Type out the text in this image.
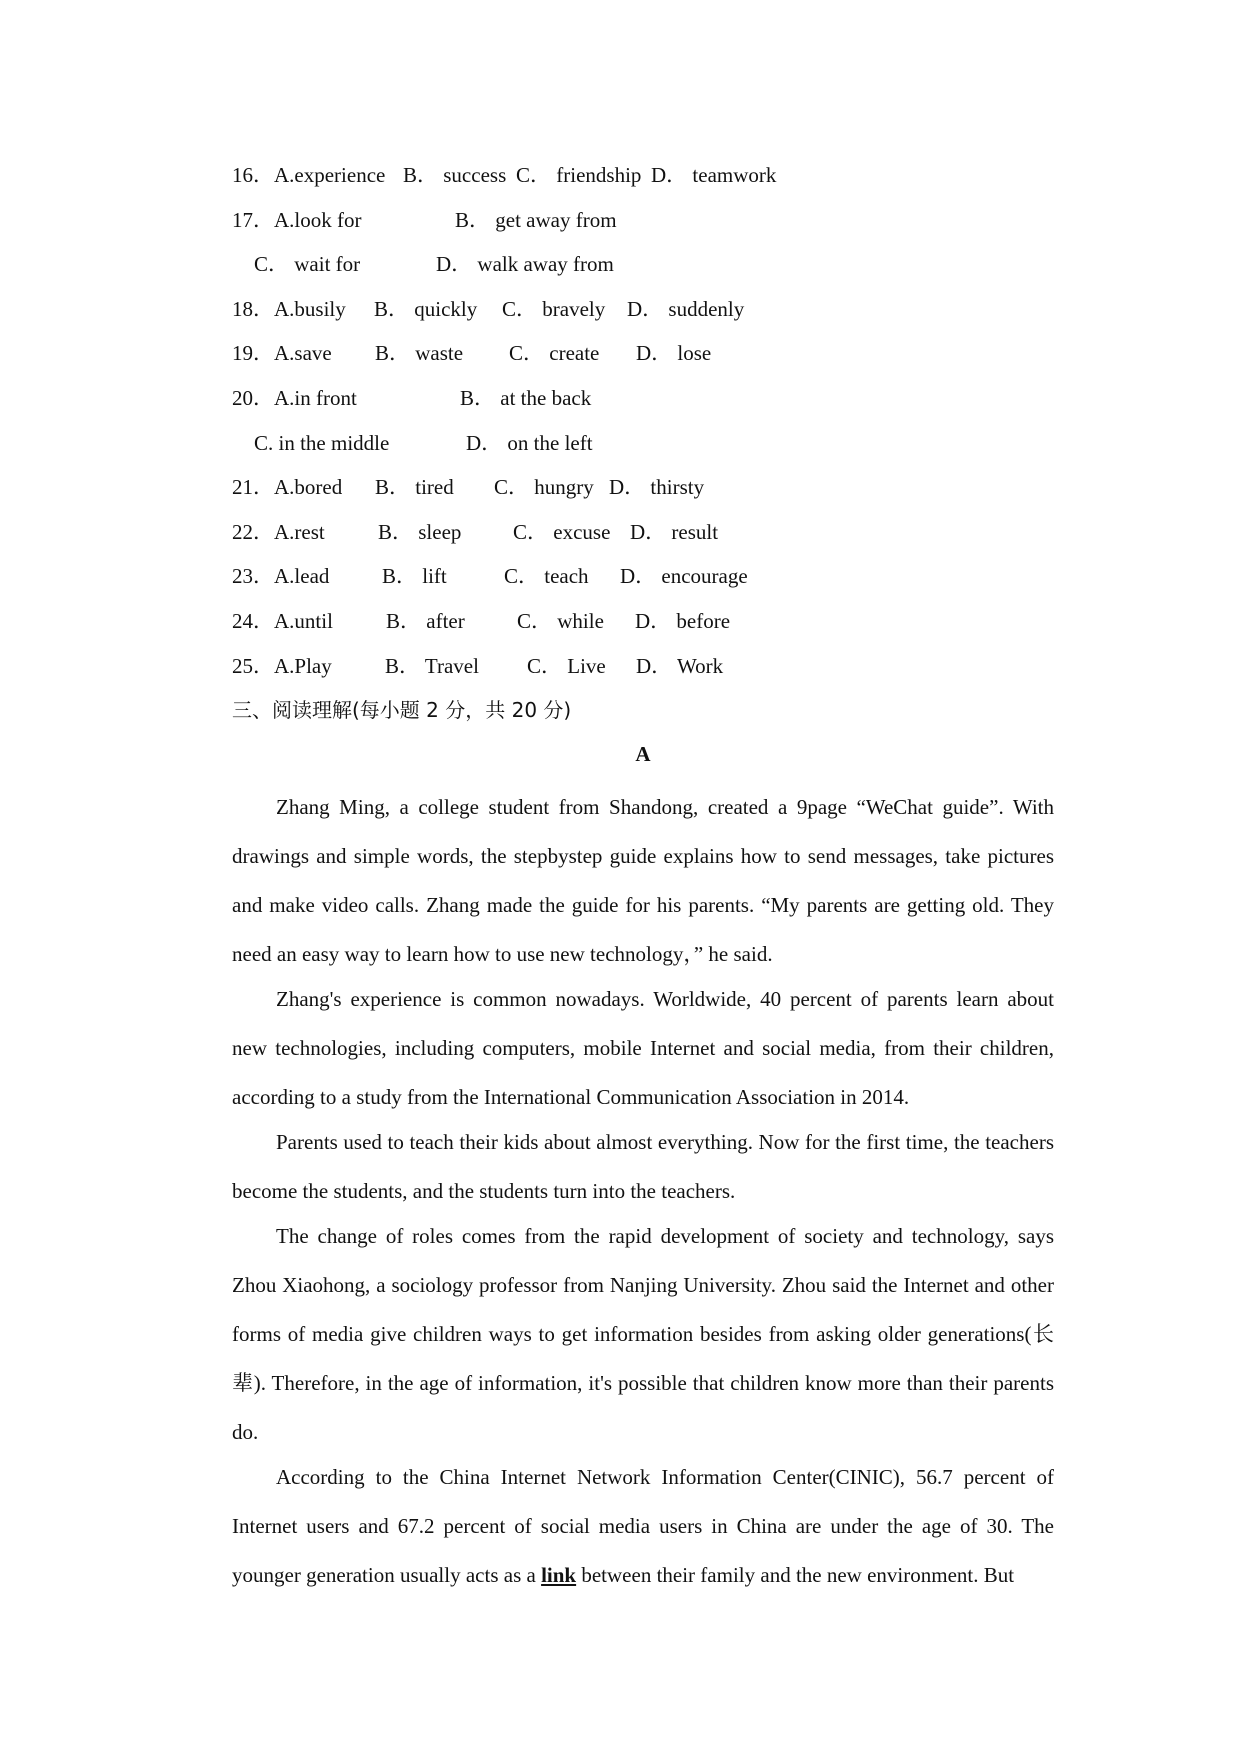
16．A.experience B． success C． friendship D． teamwork
17．A.look for	B． get away from
C． wait for	D． walk away from
18．A.busily B． quickly C． bravely D． suddenly
19．A.save B． waste C． create D． lose
20．A.in front	B． at the back
C. in the middle	D． on the left
21．A.bored B． tired C． hungry D． thirsty
22．A.rest	B． sleep C． excuse D． result
23．A.lead	B． lift	C． teach D． encourage
24．A.until	B． after C． while D． before
25．A.Play	B． Travel C． Live D． Work
三、阅读理解(每小题 2 分，共 20 分)
A

Zhang Ming, a college student from Shandong, created a 9page “WeChat guide”. With drawings and simple words, the stepbystep guide explains how to send messages, take pictures and make video calls. Zhang made the guide for his parents. “My parents are getting old. They need an easy way to learn how to use new technology，” he said.

Zhang's experience is common nowadays. Worldwide, 40 percent of parents learn about new technologies, including computers, mobile Internet and social media, from their children, according to a study from the International Communication Association in 2014.

Parents used to teach their kids about almost everything. Now for the first time, the teachers become the students, and the students turn into the teachers.

The change of roles comes from the rapid development of society and technology, says Zhou Xiaohong, a sociology professor from Nanjing University. Zhou said the Internet and other forms of media give children ways to get information besides from asking older generations(长辈). Therefore, in the age of information, it's possible that children know more than their parents do.

According to the China Internet Network Information Center(CINIC), 56.7 percent of Internet users and 67.2 percent of social media users in China are under the age of 30. The younger generation usually acts as a link between their family and the new environment. But
